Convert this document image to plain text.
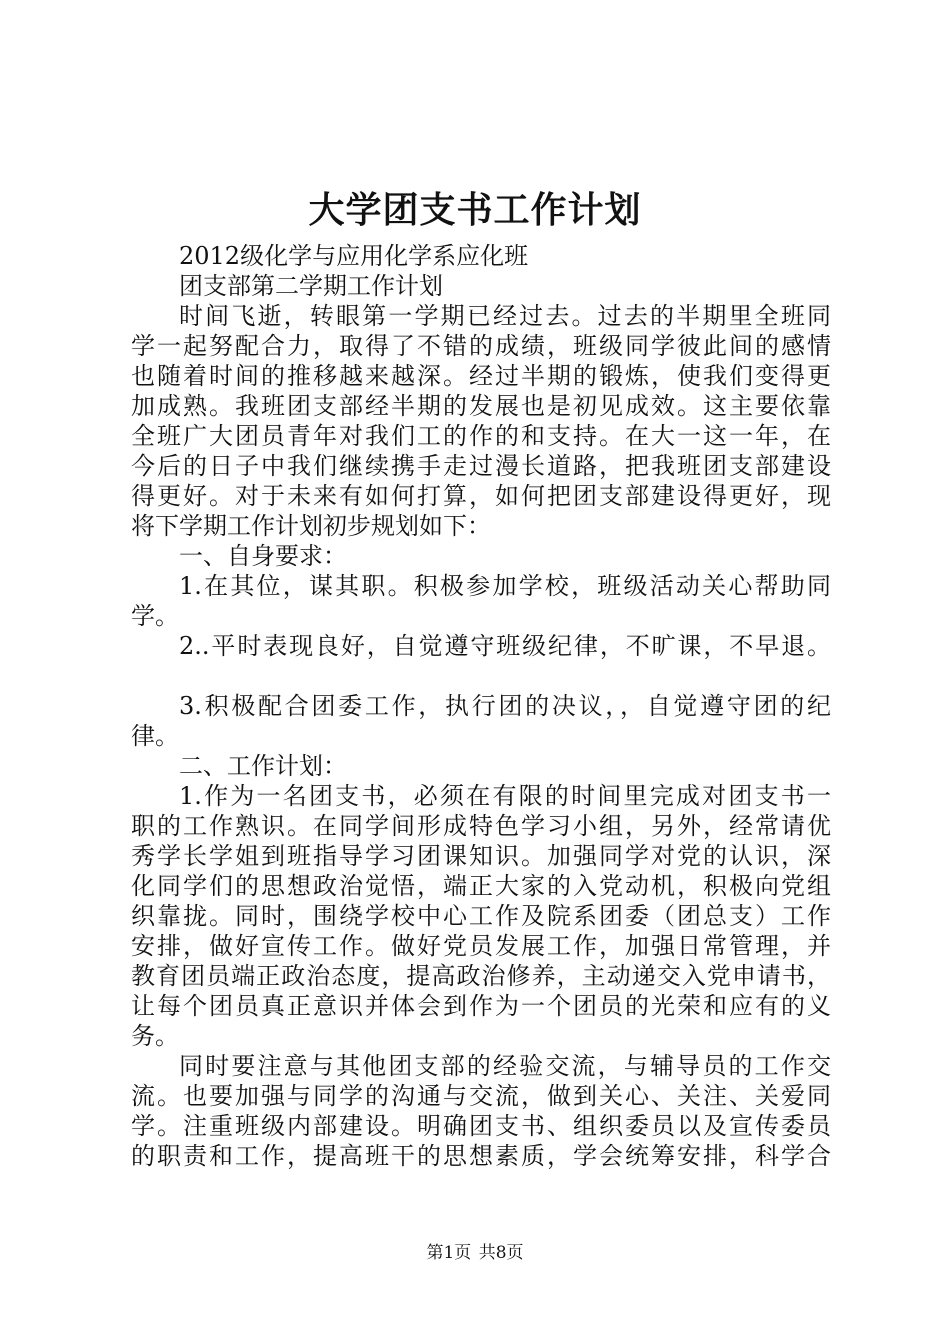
大学团支书工作计划
2012级化学与应用化学系应化班
团支部第二学期工作计划
时间飞逝，转眼第一学期已经过去。过去的半期里全班同
学一起努配合力，取得了不错的成绩，班级同学彼此间的感情
也随着时间的推移越来越深。经过半期的锻炼，使我们变得更
加成熟。我班团支部经半期的发展也是初见成效。这主要依靠
全班广大团员青年对我们工的作的和支持。在大一这一年，在
今后的日子中我们继续携手走过漫长道路，把我班团支部建设
得更好。对于未来有如何打算，如何把团支部建设得更好，现
将下学期工作计划初步规划如下：
一、自身要求：
1.在其位，谋其职。积极参加学校，班级活动关心帮助同
学。
2..平时表现良好，自觉遵守班级纪律，不旷课，不早退。
3.积极配合团委工作，执行团的决议，，自觉遵守团的纪
律。
二、工作计划：
1.作为一名团支书，必须在有限的时间里完成对团支书一
职的工作熟识。在同学间形成特色学习小组，另外，经常请优
秀学长学姐到班指导学习团课知识。加强同学对党的认识，深
化同学们的思想政治觉悟，端正大家的入党动机，积极向党组
织靠拢。同时，围绕学校中心工作及院系团委（团总支）工作
安排，做好宣传工作。做好党员发展工作，加强日常管理，并
教育团员端正政治态度，提高政治修养，主动递交入党申请书，
让每个团员真正意识并体会到作为一个团员的光荣和应有的义
务。
同时要注意与其他团支部的经验交流，与辅导员的工作交
流。也要加强与同学的沟通与交流，做到关心、关注、关爱同
学。注重班级内部建设。明确团支书、组织委员以及宣传委员
的职责和工作，提高班干的思想素质，学会统筹安排，科学合
第1页 共8页
